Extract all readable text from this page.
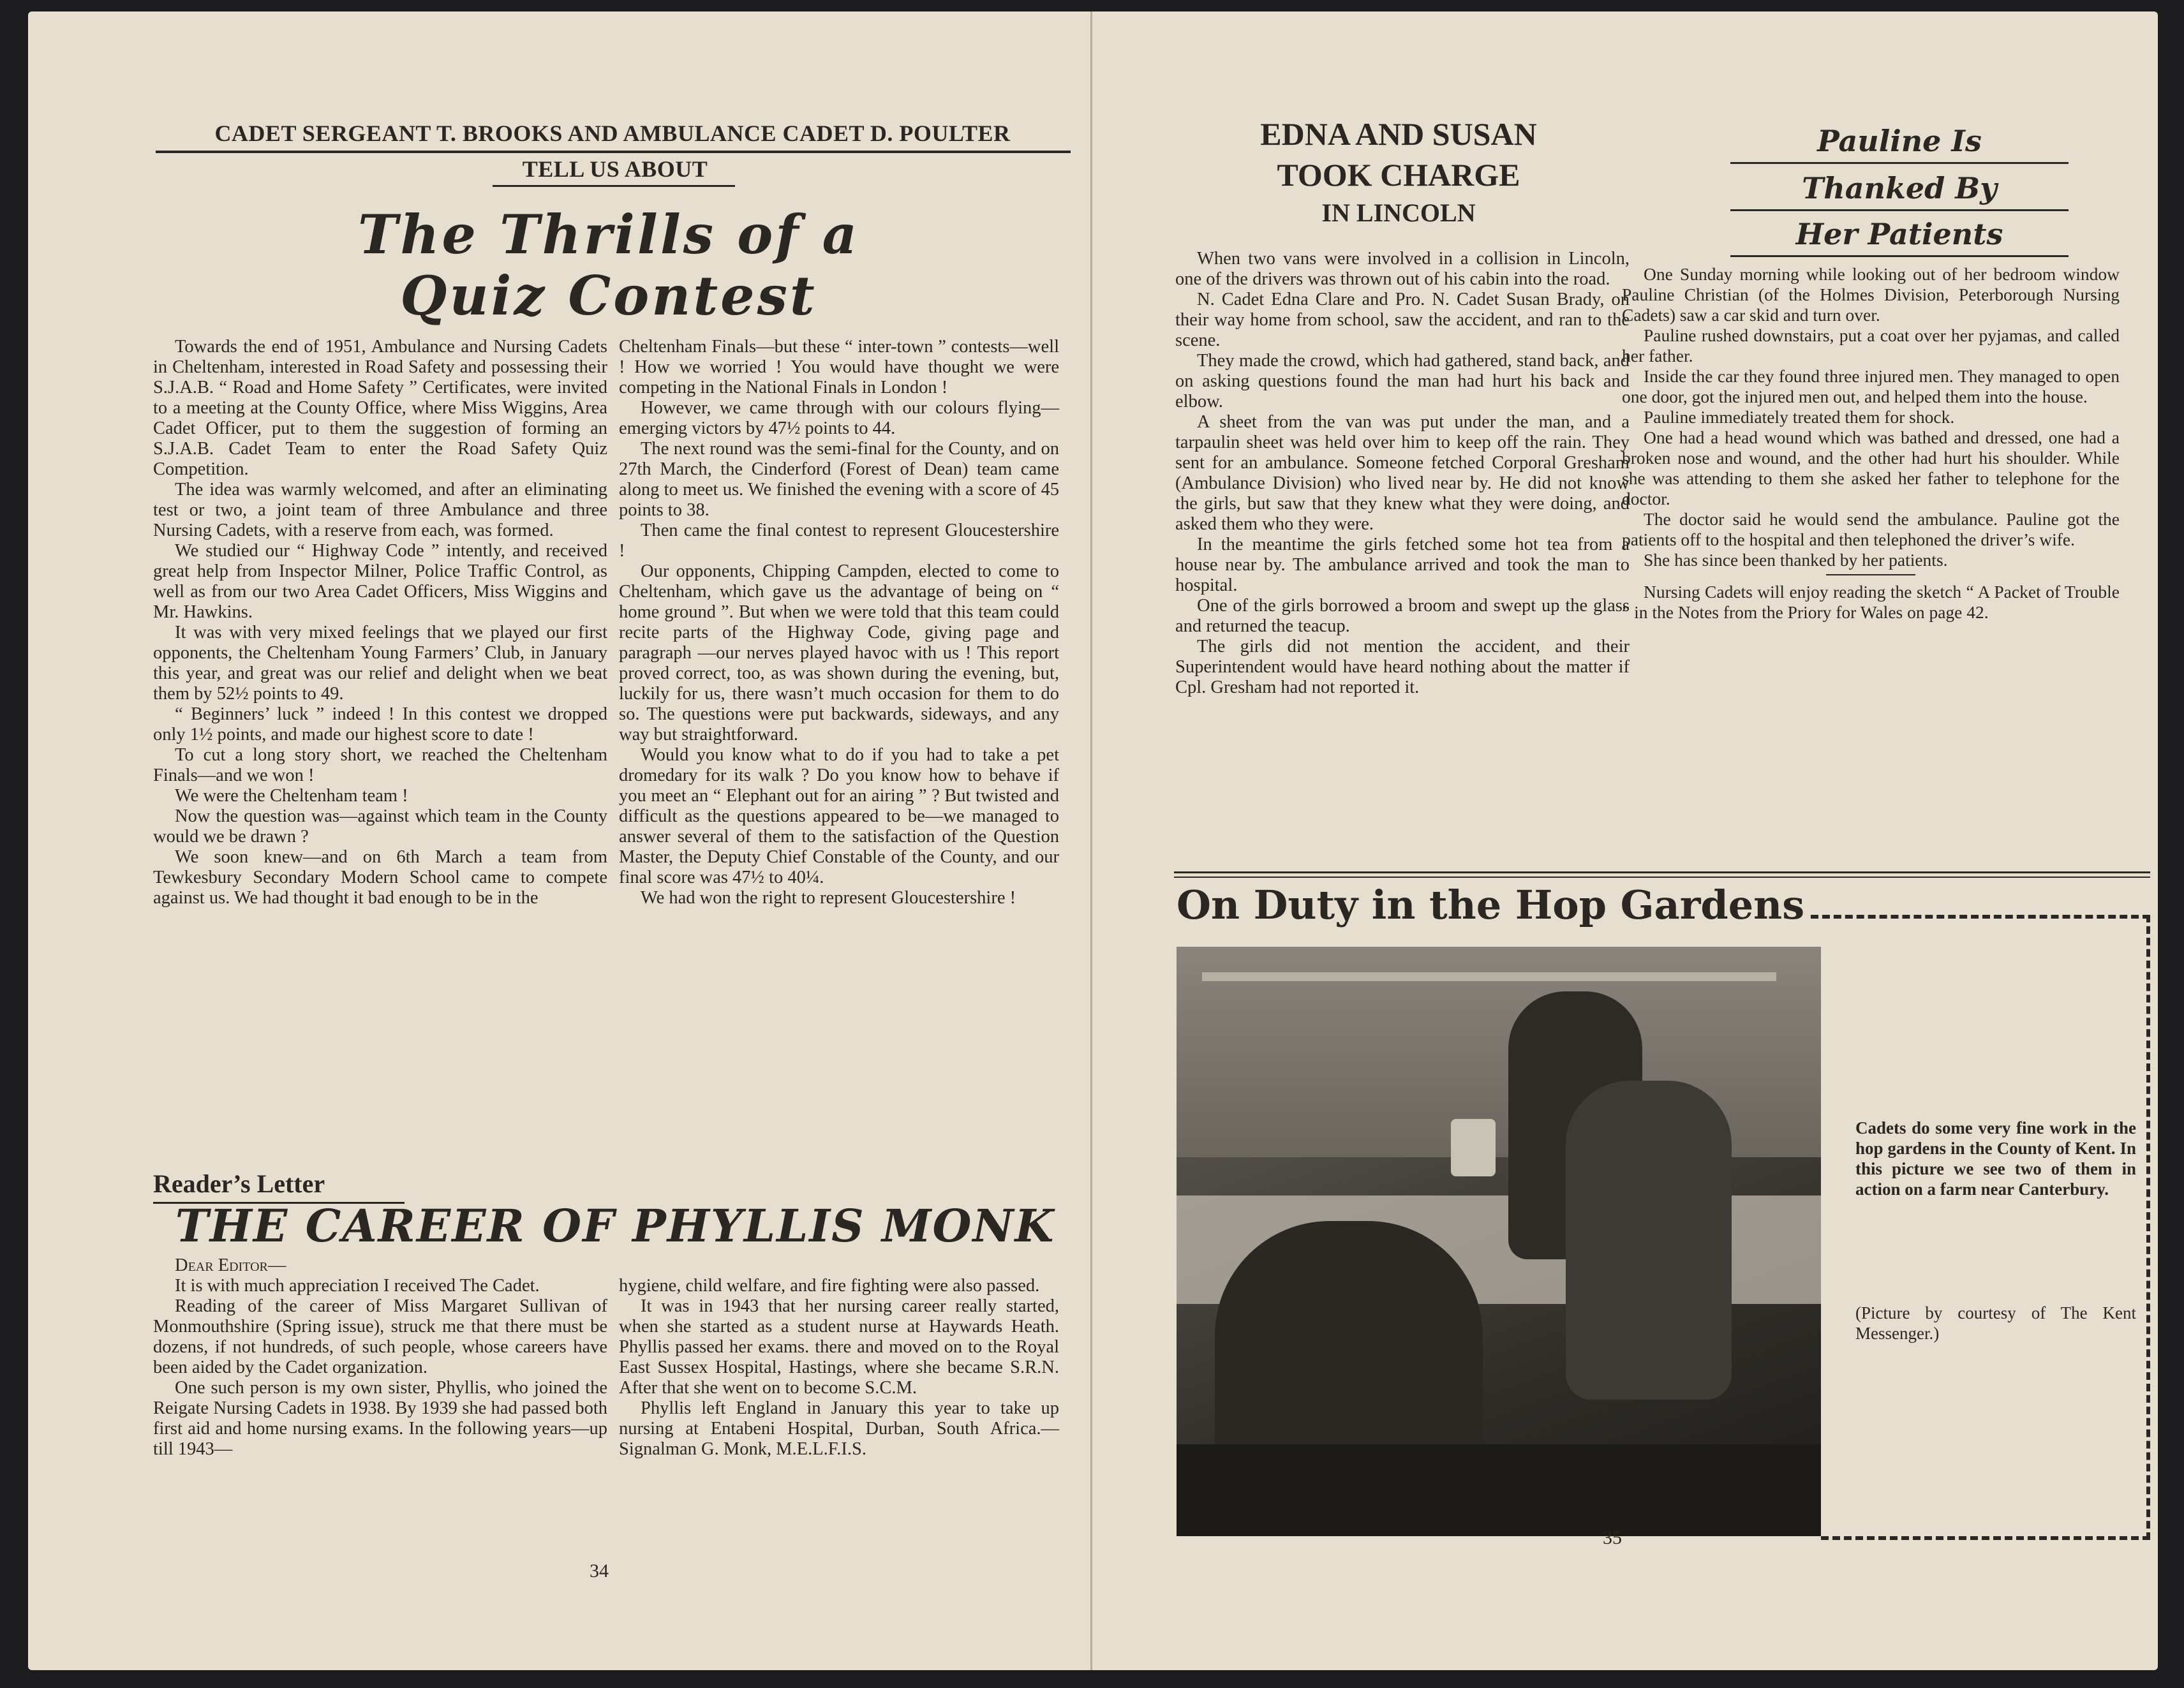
CADET SERGEANT T. BROOKS AND AMBULANCE CADET D. POULTER
TELL US ABOUT
The Thrills of a
Quiz Contest

Towards the end of 1951, Ambulance and Nursing Cadets in Cheltenham, interested in Road Safety and possessing their S.J.A.B. “ Road and Home Safety ” Certificates, were invited to a meeting at the County Office, where Miss Wiggins, Area Cadet Officer, put to them the suggestion of forming an S.J.A.B. Cadet Team to enter the Road Safety Quiz Competition.

The idea was warmly welcomed, and after an eliminating test or two, a joint team of three Ambulance and three Nursing Cadets, with a reserve from each, was formed.

We studied our “ Highway Code ” intently, and received great help from Inspector Milner, Police Traffic Control, as well as from our two Area Cadet Officers, Miss Wiggins and Mr. Hawkins.

It was with very mixed feelings that we played our first opponents, the Cheltenham Young Farmers’ Club, in January this year, and great was our relief and delight when we beat them by 52½ points to 49.

“ Beginners’ luck ” indeed ! In this contest we dropped only 1½ points, and made our highest score to date !

To cut a long story short, we reached the Cheltenham Finals—and we won !

We were the Cheltenham team !

Now the question was—against which team in the County would we be drawn ?

We soon knew—and on 6th March a team from Tewkesbury Secondary Modern School came to compete against us. We had thought it bad enough to be in the

Cheltenham Finals—but these “ inter-town ” contests—well ! How we worried ! You would have thought we were competing in the National Finals in London !

However, we came through with our colours flying—emerging victors by 47½ points to 44.

The next round was the semi-final for the County, and on 27th March, the Cinderford (Forest of Dean) team came along to meet us. We finished the evening with a score of 45 points to 38.

Then came the final contest to represent Gloucestershire !

Our opponents, Chipping Campden, elected to come to Cheltenham, which gave us the advantage of being on “ home ground ”. But when we were told that this team could recite parts of the Highway Code, giving page and paragraph —our nerves played havoc with us ! This report proved correct, too, as was shown during the evening, but, luckily for us, there wasn’t much occasion for them to do so. The questions were put backwards, sideways, and any way but straightforward.

Would you know what to do if you had to take a pet dromedary for its walk ? Do you know how to behave if you meet an “ Elephant out for an airing ” ? But twisted and difficult as the questions appeared to be—we managed to answer several of them to the satisfaction of the Question Master, the Deputy Chief Constable of the County, and our final score was 47½ to 40¼.

We had won the right to represent Gloucestershire !

Reader’s Letter
THE CAREER OF PHYLLIS MONK

Dear Editor—

It is with much appreciation I received The Cadet.

Reading of the career of Miss Margaret Sullivan of Monmouthshire (Spring issue), struck me that there must be dozens, if not hundreds, of such people, whose careers have been aided by the Cadet organization.

One such person is my own sister, Phyllis, who joined the Reigate Nursing Cadets in 1938. By 1939 she had passed both first aid and home nursing exams. In the following years—up till 1943—

hygiene, child welfare, and fire fighting were also passed.

It was in 1943 that her nursing career really started, when she started as a student nurse at Haywards Heath. Phyllis passed her exams. there and moved on to the Royal East Sussex Hospital, Hastings, where she became S.R.N. After that she went on to become S.C.M.

Phyllis left England in January this year to take up nursing at Entabeni Hospital, Durban, South Africa.—Signalman G. Monk, M.E.L.F.I.S.

34
EDNA AND SUSAN
TOOK CHARGE
IN LINCOLN

When two vans were involved in a collision in Lincoln, one of the drivers was thrown out of his cabin into the road.

N. Cadet Edna Clare and Pro. N. Cadet Susan Brady, on their way home from school, saw the accident, and ran to the scene.

They made the crowd, which had gathered, stand back, and on asking questions found the man had hurt his back and elbow.

A sheet from the van was put under the man, and a tarpaulin sheet was held over him to keep off the rain. They sent for an ambulance. Someone fetched Corporal Gresham (Ambulance Division) who lived near by. He did not know the girls, but saw that they knew what they were doing, and asked them who they were.

In the meantime the girls fetched some hot tea from a house near by. The ambulance arrived and took the man to hospital.

One of the girls borrowed a broom and swept up the glass and returned the teacup.

The girls did not mention the accident, and their Superintendent would have heard nothing about the matter if Cpl. Gresham had not reported it.

Pauline Is
Thanked By
Her Patients

One Sunday morning while looking out of her bedroom window Pauline Christian (of the Holmes Division, Peterborough Nursing Cadets) saw a car skid and turn over.

Pauline rushed downstairs, put a coat over her pyjamas, and called her father.

Inside the car they found three injured men. They managed to open one door, got the injured men out, and helped them into the house.

Pauline immediately treated them for shock.

One had a head wound which was bathed and dressed, one had a broken nose and wound, and the other had hurt his shoulder. While she was attending to them she asked her father to telephone for the doctor.

The doctor said he would send the ambulance. Pauline got the patients off to the hospital and then telephoned the driver’s wife.

She has since been thanked by her patients.

Nursing Cadets will enjoy reading the sketch “ A Packet of Trouble ” in the Notes from the Priory for Wales on page 42.

On Duty in the Hop Gardens
Cadets do some very fine work in the hop gardens in the County of Kent. In this picture we see two of them in action on a farm near Canterbury.
(Picture by courtesy of The Kent Messenger.)
35
